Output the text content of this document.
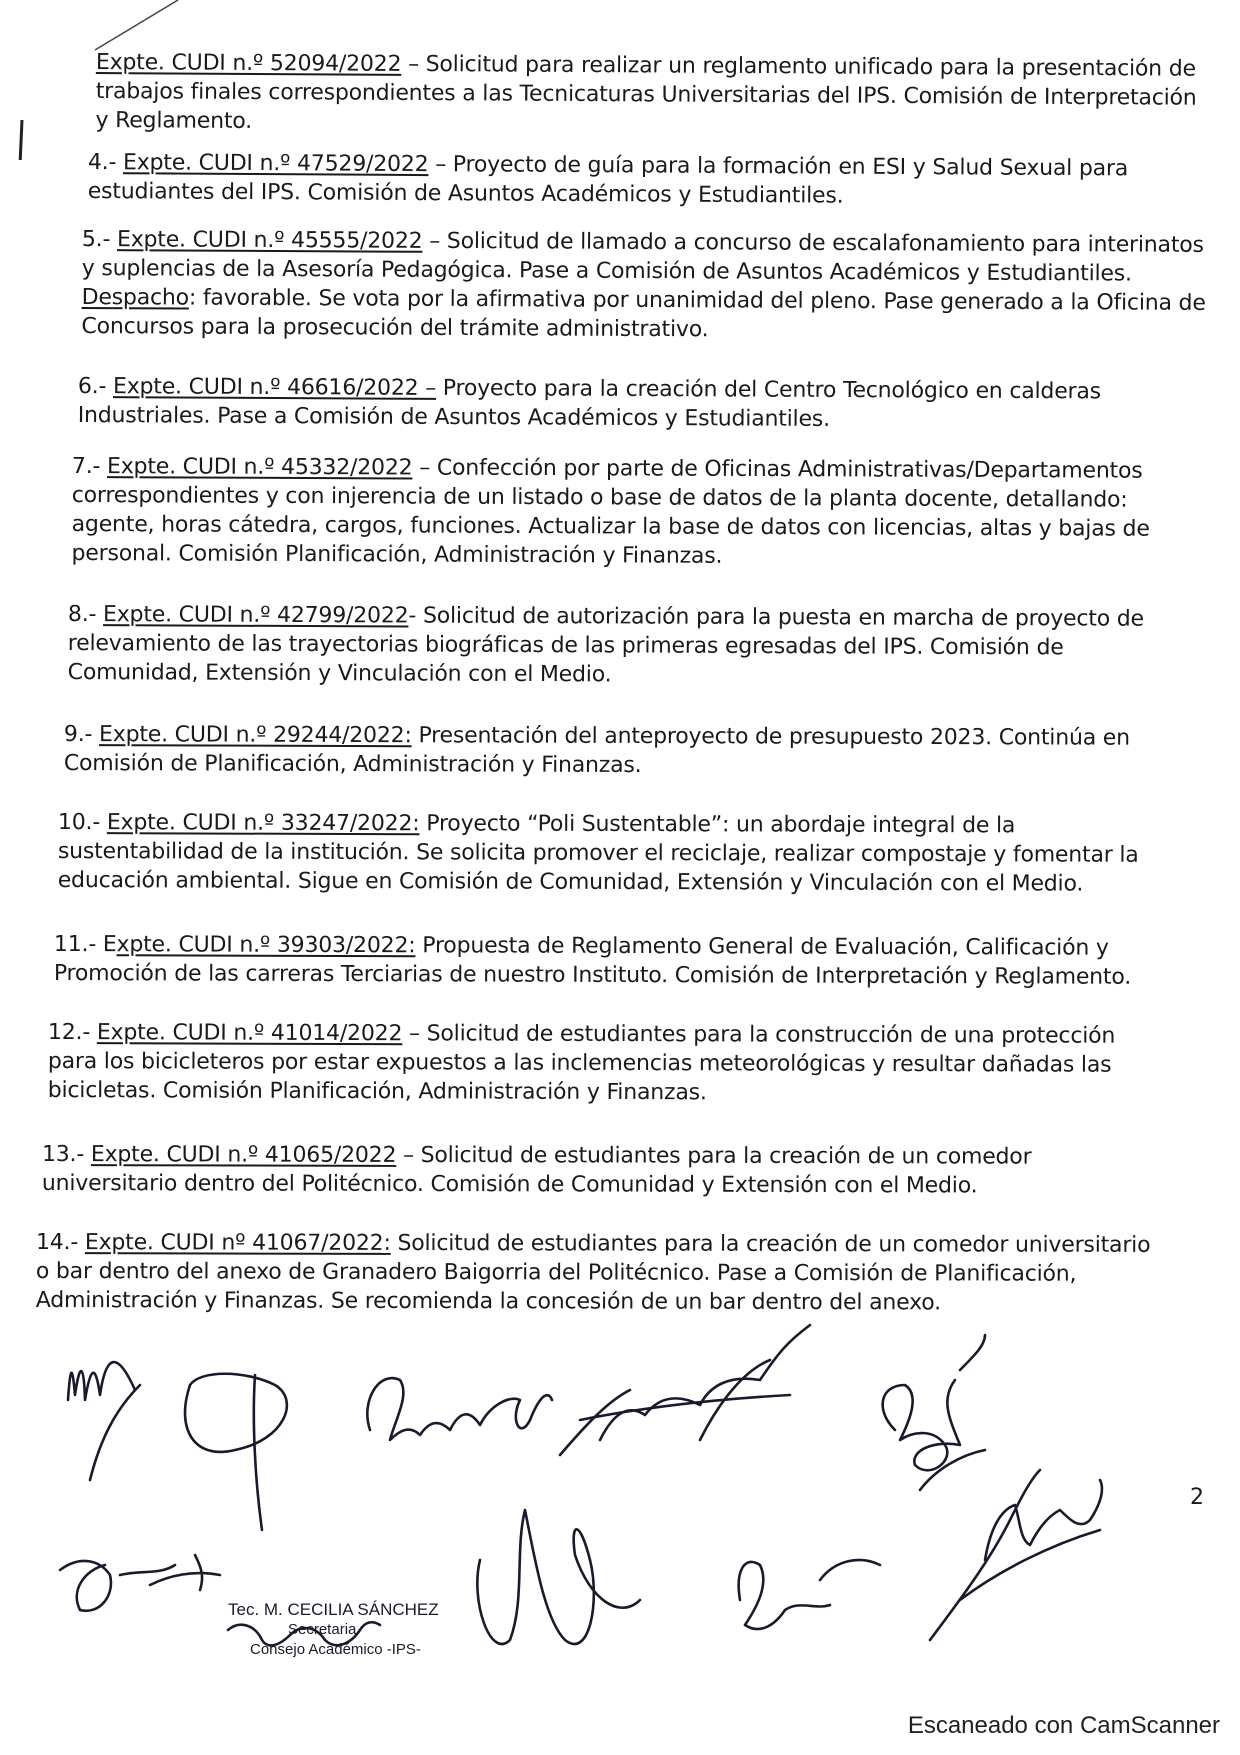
Expte. CUDI n.º 52094/2022 – Solicitud para realizar un reglamento unificado para la presentación de trabajos finales correspondientes a las Tecnicaturas Universitarias del IPS. Comisión de Interpretación y Reglamento.
4.- Expte. CUDI n.º 47529/2022 – Proyecto de guía para la formación en ESI y Salud Sexual para estudiantes del IPS. Comisión de Asuntos Académicos y Estudiantiles.
5.- Expte. CUDI n.º 45555/2022 – Solicitud de llamado a concurso de escalafonamiento para interinatos y suplencias de la Asesoría Pedagógica. Pase a Comisión de Asuntos Académicos y Estudiantiles. Despacho: favorable. Se vota por la afirmativa por unanimidad del pleno. Pase generado a la Oficina de Concursos para la prosecución del trámite administrativo.
6.- Expte. CUDI n.º 46616/2022 – Proyecto para la creación del Centro Tecnológico en calderas Industriales. Pase a Comisión de Asuntos Académicos y Estudiantiles.
7.- Expte. CUDI n.º 45332/2022 – Confección por parte de Oficinas Administrativas/Departamentos correspondientes y con injerencia de un listado o base de datos de la planta docente, detallando: agente, horas cátedra, cargos, funciones. Actualizar la base de datos con licencias, altas y bajas de personal. Comisión Planificación, Administración y Finanzas.
8.- Expte. CUDI n.º 42799/2022- Solicitud de autorización para la puesta en marcha de proyecto de relevamiento de las trayectorias biográficas de las primeras egresadas del IPS. Comisión de Comunidad, Extensión y Vinculación con el Medio.
9.- Expte. CUDI n.º 29244/2022: Presentación del anteproyecto de presupuesto 2023. Continúa en Comisión de Planificación, Administración y Finanzas.
10.- Expte. CUDI n.º 33247/2022: Proyecto “Poli Sustentable”: un abordaje integral de la sustentabilidad de la institución. Se solicita promover el reciclaje, realizar compostaje y fomentar la educación ambiental. Sigue en Comisión de Comunidad, Extensión y Vinculación con el Medio.
11.- Expte. CUDI n.º 39303/2022: Propuesta de Reglamento General de Evaluación, Calificación y Promoción de las carreras Terciarias de nuestro Instituto. Comisión de Interpretación y Reglamento.
12.- Expte. CUDI n.º 41014/2022 – Solicitud de estudiantes para la construcción de una protección para los bicicleteros por estar expuestos a las inclemencias meteorológicas y resultar dañadas las bicicletas. Comisión Planificación, Administración y Finanzas.
13.- Expte. CUDI n.º 41065/2022 – Solicitud de estudiantes para la creación de un comedor universitario dentro del Politécnico. Comisión de Comunidad y Extensión con el Medio.
14.- Expte. CUDI nº 41067/2022: Solicitud de estudiantes para la creación de un comedor universitario o bar dentro del anexo de Granadero Baigorria del Politécnico. Pase a Comisión de Planificación, Administración y Finanzas. Se recomienda la concesión de un bar dentro del anexo.
Tec. M. CECILIA SÁNCHEZ
Secretaria
Consejo Académico -IPS-
2
Escaneado con CamScanner
